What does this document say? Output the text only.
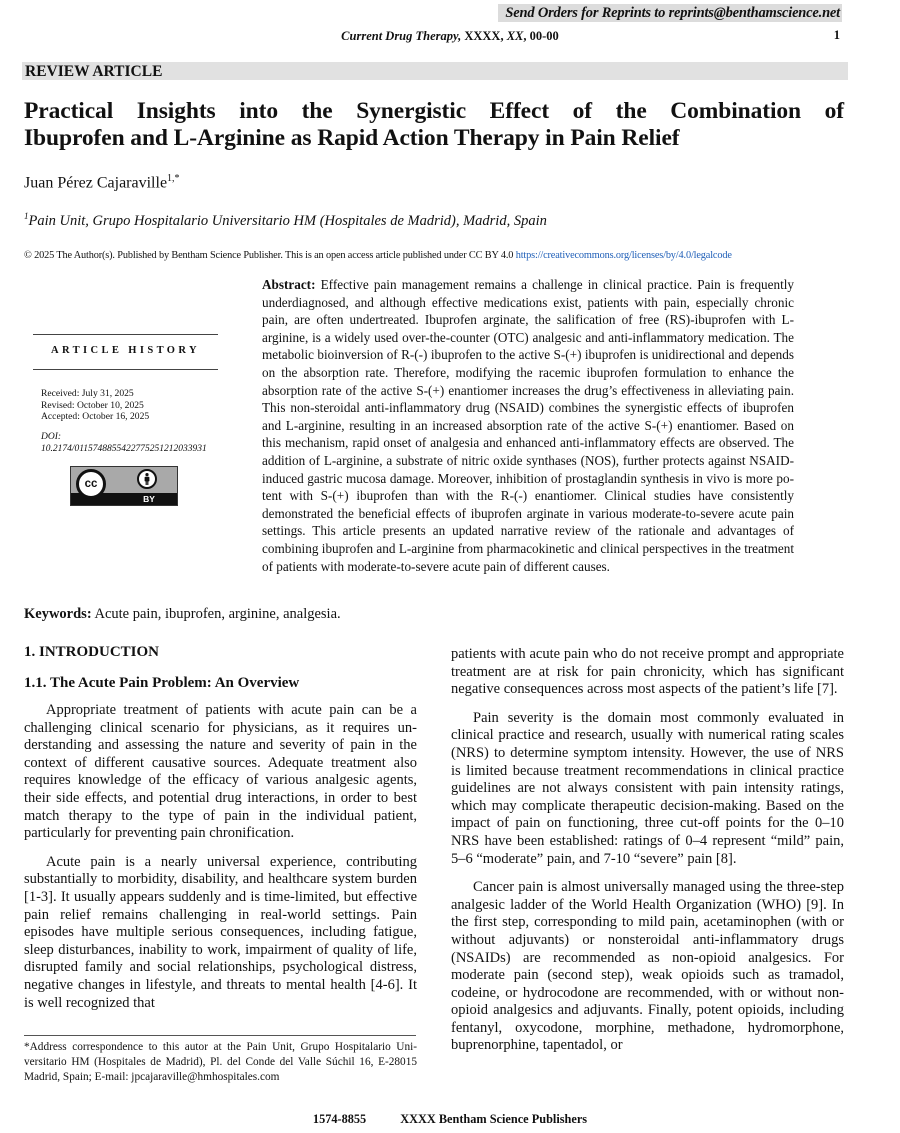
Send Orders for Reprints to reprints@benthamscience.net
Current Drug Therapy, XXXX, XX, 00-00	1
REVIEW ARTICLE
Practical Insights into the Synergistic Effect of the Combination of
Ibuprofen and L-Arginine as Rapid Action Therapy in Pain Relief
Juan Pérez Cajaraville$^{1,*}$
$^1$Pain Unit, Grupo Hospitalario Universitario HM (Hospitales de Madrid), Madrid, Spain
© 2025 The Author(s). Published by Bentham Science Publisher. This is an open access article published under CC BY 4.0 https://creativecommons.org/licenses/by/4.0/legalcode
ARTICLE HISTORY
Received: July 31, 2025
Revised: October 10, 2025
Accepted: October 16, 2025
DOI:
10.2174/0115748855422775251212033931
cc
BY
Abstract: Effective pain management remains a challenge in clinical practice. Pain is frequently underdiagnosed, and although effective medications exist, patients with pain, especially chronic pain, are often undertreated. Ibuprofen arginate, the salification of free (RS)-ibuprofen with L-arginine, is a widely used over-the-counter (OTC) analgesic and anti-inflammatory medication. The metabolic bioinversion of R-(-) ibuprofen to the active S-(+) ibuprofen is unidirectional and depends on the absorption rate. Therefore, modifying the racemic ibuprofen formulation to enhance the absorption rate of the active S-(+) enantiomer increases the drug’s effectiveness in alleviating pain. This non-steroidal anti-inflammatory drug (NSAID) combines the synergistic effects of ibuprofen and L-arginine, resulting in an increased absorption rate of the active S-(+) enantiomer. Based on this mechanism, rapid onset of analgesia and enhanced anti-inflammatory effects are observed. The addition of L-arginine, a substrate of nitric oxide synthases (NOS), further protects against NSAID-induced gastric mucosa damage. Moreover, inhibition of prostaglandin synthesis in vivo is more potent with S-(+) ibuprofen than with the R-(-) enantiomer. Clinical studies have consistently demonstrated the beneficial effects of ibuprofen arginate in various moderate-to-severe acute pain settings. This article presents an updated narrative review of the rationale and advantages of combining ibuprofen and L-arginine from pharmacokinetic and clinical perspectives in the treatment of patients with moderate-to-severe acute pain of different causes.
Keywords: Acute pain, ibuprofen, arginine, analgesia.
1. INTRODUCTION
1.1. The Acute Pain Problem: An Overview

Appropriate treatment of patients with acute pain can be a challenging clinical scenario for physicians, as it requires understanding and assessing the nature and severity of pain in the context of different causative sources. Adequate treatment also requires knowledge of the efficacy of various analgesic agents, their side effects, and potential drug interactions, in order to best match therapy to the type of pain in the individual patient, particularly for preventing pain chronification.

Acute pain is a nearly universal experience, contributing substantially to morbidity, disability, and healthcare system burden [1-3]. It usually appears suddenly and is time-limited, but effective pain relief remains challenging in real-world settings. Pain episodes have multiple serious consequences, including fatigue, sleep disturbances, inability to work, impairment of quality of life, disrupted family and social relationships, psychological distress, negative changes in lifestyle, and threats to mental health [4-6]. It is well recognized that

patients with acute pain who do not receive prompt and appropriate treatment are at risk for pain chronicity, which has significant negative consequences across most aspects of the patient’s life [7].

Pain severity is the domain most commonly evaluated in clinical practice and research, usually with numerical rating scales (NRS) to determine symptom intensity. However, the use of NRS is limited because treatment recommendations in clinical practice guidelines are not always consistent with pain intensity ratings, which may complicate therapeutic decision-making. Based on the impact of pain on functioning, three cut-off points for the 0–10 NRS have been established: ratings of 0–4 represent “mild” pain, 5–6 “moderate” pain, and 7-10 “severe” pain [8].

Cancer pain is almost universally managed using the three-step analgesic ladder of the World Health Organization (WHO) [9]. In the first step, corresponding to mild pain, acetaminophen (with or without adjuvants) or nonsteroidal anti-inflammatory drugs (NSAIDs) are recommended as non-opioid analgesics. For moderate pain (second step), weak opioids such as tramadol, codeine, or hydrocodone are recommended, with or without non-opioid analgesics and adjuvants. Finally, potent opioids, including fentanyl, oxycodone, morphine, methadone, hydromorphone, buprenorphine, tapentadol, or

*Address correspondence to this autor at the Pain Unit, Grupo Hospitalario Universitario HM (Hospitales de Madrid), Pl. del Conde del Valle Súchil 16, E-28015 Madrid, Spain; E-mail: jpcajaraville@hmhospitales.com
1574-8855	XXXX Bentham Science Publishers
